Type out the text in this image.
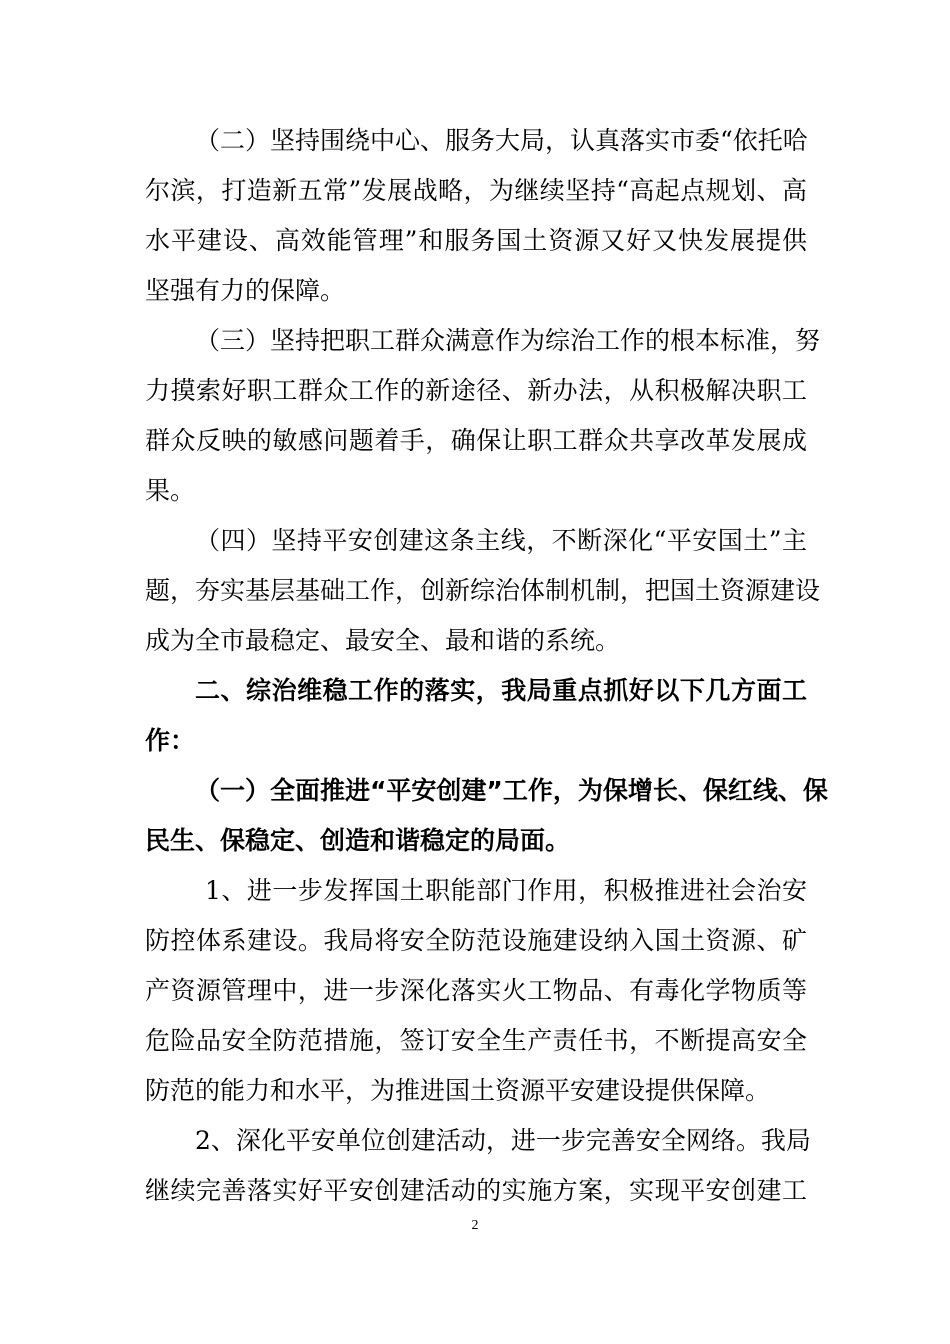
（二）坚持围绕中心、服务大局，认真落实市委“依托哈
尔滨，打造新五常”发展战略，为继续坚持“高起点规划、高
水平建设、高效能管理”和服务国土资源又好又快发展提供
坚强有力的保障。
（三）坚持把职工群众满意作为综治工作的根本标准，努
力摸索好职工群众工作的新途径、新办法，从积极解决职工
群众反映的敏感问题着手，确保让职工群众共享改革发展成
果。
（四）坚持平安创建这条主线，不断深化“平安国土”主
题，夯实基层基础工作，创新综治体制机制，把国土资源建设
成为全市最稳定、最安全、最和谐的系统。
二、综治维稳工作的落实，我局重点抓好以下几方面工
作：
（一）全面推进“平安创建”工作，为保增长、保红线、保
民生、保稳定、创造和谐稳定的局面。
1、进一步发挥国土职能部门作用，积极推进社会治安
防控体系建设。我局将安全防范设施建设纳入国土资源、矿
产资源管理中，进一步深化落实火工物品、有毒化学物质等
危险品安全防范措施，签订安全生产责任书，不断提高安全
防范的能力和水平，为推进国土资源平安建设提供保障。
2、深化平安单位创建活动，进一步完善安全网络。我局
继续完善落实好平安创建活动的实施方案，实现平安创建工
2
